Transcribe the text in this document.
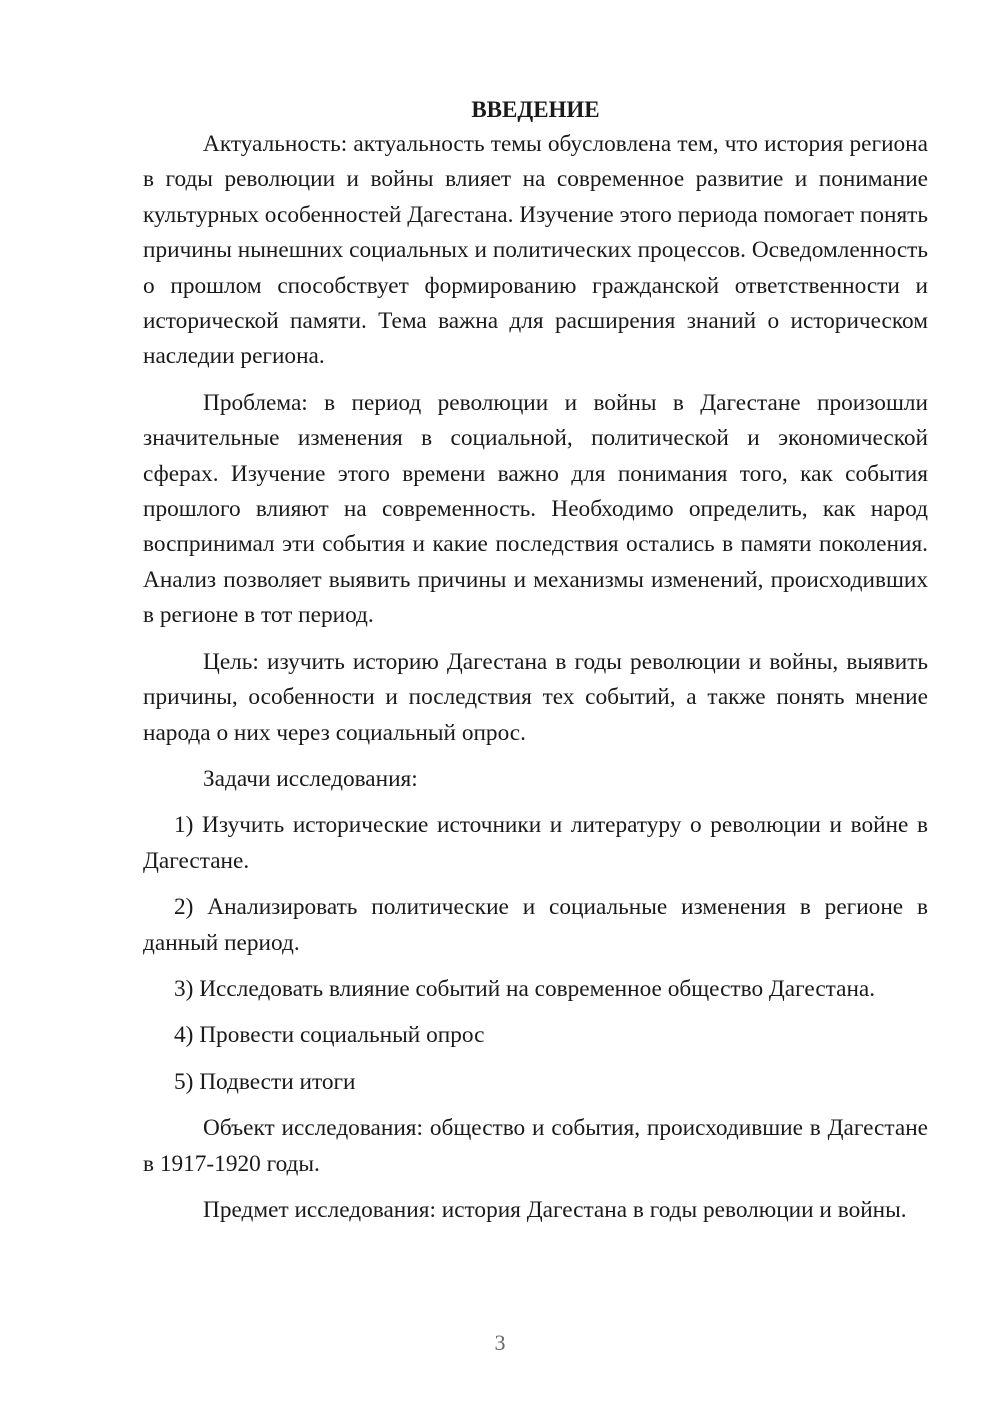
ВВЕДЕНИЕ

Актуальность: актуальность темы обусловлена тем, что история региона в годы революции и войны влияет на современное развитие и понимание культурных особенностей Дагестана. Изучение этого периода помогает понять причины нынешних социальных и политических процессов. Осведомленность о прошлом способствует формированию гражданской ответственности и исторической памяти. Тема важна для расширения знаний о историческом наследии региона.

Проблема: в период революции и войны в Дагестане произошли значительные изменения в социальной, политической и экономической сферах. Изучение этого времени важно для понимания того, как события прошлого влияют на современность. Необходимо определить, как народ воспринимал эти события и какие последствия остались в памяти поколения. Анализ позволяет выявить причины и механизмы изменений, происходивших в регионе в тот период.

Цель: изучить историю Дагестана в годы революции и войны, выявить причины, особенности и последствия тех событий, а также понять мнение народа о них через социальный опрос.

Задачи исследования:

1) Изучить исторические источники и литературу о революции и войне в Дагестане.

2) Анализировать политические и социальные изменения в регионе в данный период.

3) Исследовать влияние событий на современное общество Дагестана.

4) Провести социальный опрос

5) Подвести итоги

Объект исследования: общество и события, происходившие в Дагестане в 1917-1920 годы.

Предмет исследования: история Дагестана в годы революции и войны.

3
